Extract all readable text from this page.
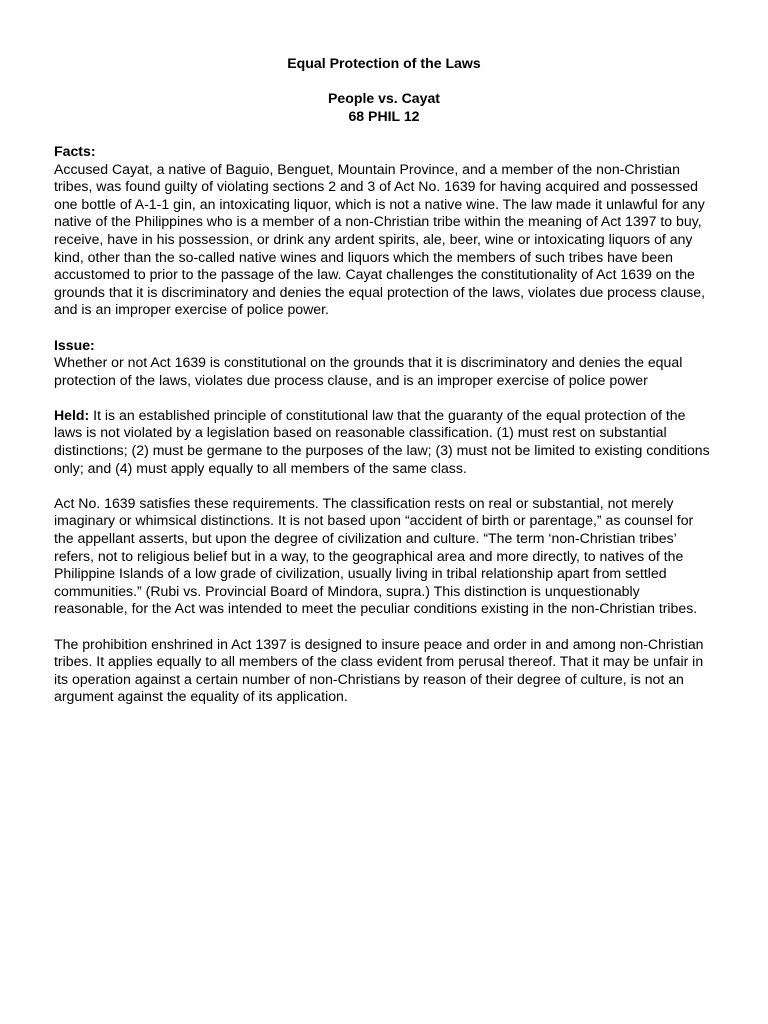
Equal Protection of the Laws

People vs. Cayat

68 PHIL 12

Facts:

Accused Cayat, a native of Baguio, Benguet, Mountain Province, and a member of the non-Christian tribes, was found guilty of violating sections 2 and 3 of Act No. 1639 for having acquired and possessed one bottle of A-1-1 gin, an intoxicating liquor, which is not a native wine. The law made it unlawful for any native of the Philippines who is a member of a non-Christian tribe within the meaning of Act 1397 to buy, receive, have in his possession, or drink any ardent spirits, ale, beer, wine or intoxicating liquors of any kind, other than the so-called native wines and liquors which the members of such tribes have been accustomed to prior to the passage of the law. Cayat challenges the constitutionality of Act 1639 on the grounds that it is discriminatory and denies the equal protection of the laws, violates due process clause, and is an improper exercise of police power.

Issue:

Whether or not Act 1639 is constitutional on the grounds that it is discriminatory and denies the equal protection of the laws, violates due process clause, and is an improper exercise of police power

Held: It is an established principle of constitutional law that the guaranty of the equal protection of the laws is not violated by a legislation based on reasonable classification. (1) must rest on substantial distinctions; (2) must be germane to the purposes of the law; (3) must not be limited to existing conditions only; and (4) must apply equally to all members of the same class.

Act No. 1639 satisfies these requirements. The classification rests on real or substantial, not merely imaginary or whimsical distinctions. It is not based upon “accident of birth or parentage,” as counsel for the appellant asserts, but upon the degree of civilization and culture. “The term ‘non-Christian tribes’ refers, not to religious belief but in a way, to the geographical area and more directly, to natives of the Philippine Islands of a low grade of civilization, usually living in tribal relationship apart from settled communities.” (Rubi vs. Provincial Board of Mindora, supra.) This distinction is unquestionably reasonable, for the Act was intended to meet the peculiar conditions existing in the non-Christian tribes.

The prohibition enshrined in Act 1397 is designed to insure peace and order in and among non-Christian tribes. It applies equally to all members of the class evident from perusal thereof. That it may be unfair in its operation against a certain number of non-Christians by reason of their degree of culture, is not an argument against the equality of its application.
